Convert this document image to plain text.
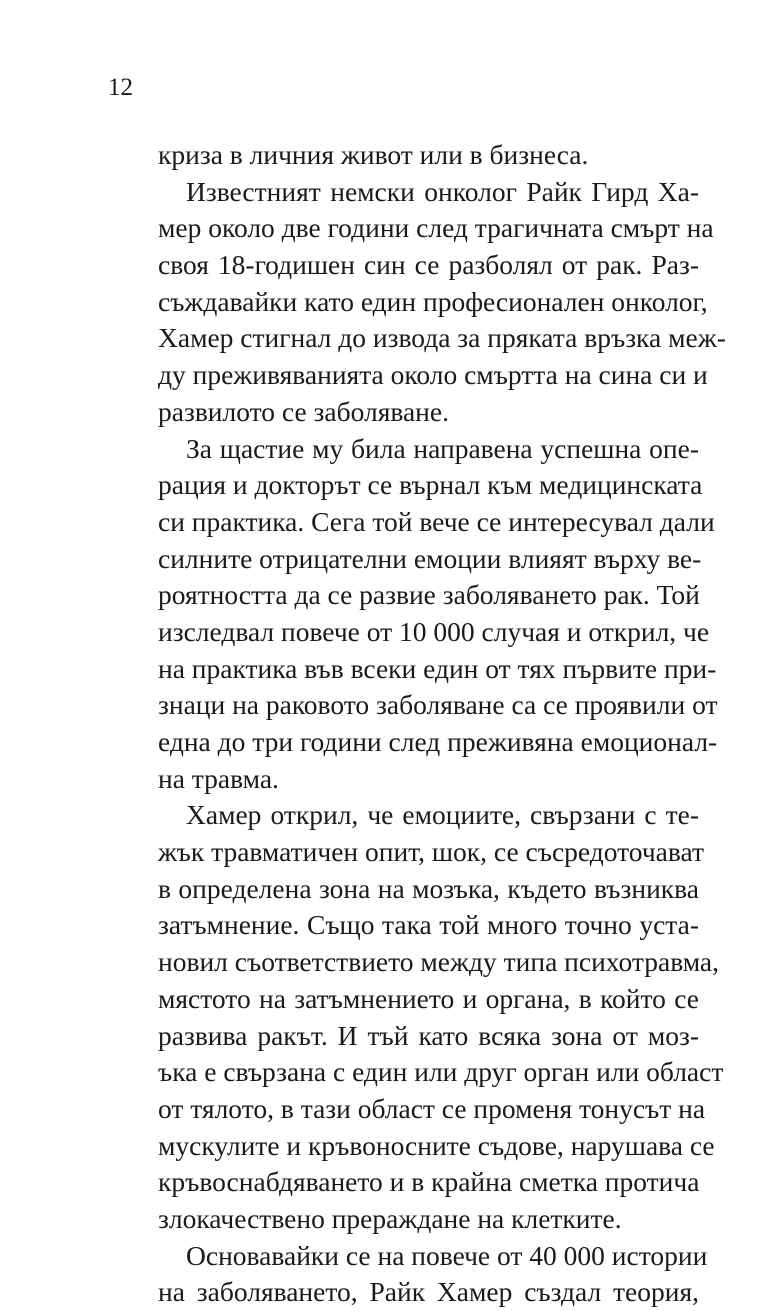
12
криза в личния живот или в бизнеса.
Известният немски онколог Райк Гирд Ха-
мер около две години след трагичната смърт на
своя 18-годишен син се разболял от рак. Раз-
съждавайки като един професионален онколог,
Хамер стигнал до извода за пряката връзка меж-
ду преживяванията около смъртта на сина си и
развилото се заболяване.
За щастие му била направена успешна опе-
рация и докторът се върнал към медицинската
си практика. Сега той вече се интересувал дали
силните отрицателни емоции влияят върху ве-
роятността да се развие заболяването рак. Той
изследвал повече от 10 000 случая и открил, че
на практика във всеки един от тях първите при-
знаци на раковото заболяване са се проявили от
една до три години след преживяна емоционал-
на травма.
Хамер открил, че емоциите, свързани с те-
жък травматичен опит, шок, се съсредоточават
в определена зона на мозъка, където възниква
затъмнение. Също така той много точно уста-
новил съответствието между типа психотравма,
мястото на затъмнението и органа, в който се
развива ракът. И тъй като всяка зона от моз-
ъка е свързана с един или друг орган или област
от тялото, в тази област се променя тонусът на
мускулите и кръвоносните съдове, нарушава се
кръвоснабдяването и в крайна сметка протича
злокачествено прераждане на клетките.
Основавайки се на повече от 40 000 истории
на заболяването, Райк Хамер създал теория,
